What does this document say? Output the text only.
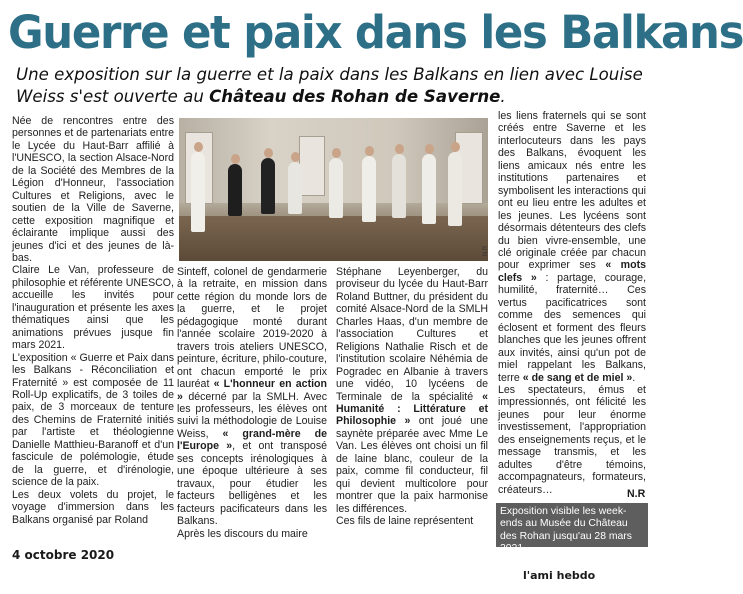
Guerre et paix dans les Balkans
Une exposition sur la guerre et la paix dans les Balkans en lien avec Louise Weiss s'est ouverte au Château des Rohan de Saverne.

Née de rencontres entre des personnes et de partenariats entre le Lycée du Haut-Barr affilié à l'UNESCO, la section Alsace-Nord de la Société des Membres de la Légion d'Honneur, l'association Cultures et Religions, avec le soutien de la Ville de Saverne, cette exposition magnifique et éclairante implique aussi des jeunes d'ici et des jeunes de là-bas.

Claire Le Van, professeure de philosophie et référente UNESCO, accueille les invités pour l'inauguration et présente les axes thématiques ainsi que les animations prévues jusque fin mars 2021.

L'exposition « Guerre et Paix dans les Balkans - Réconciliation et Fraternité » est composée de 11 Roll-Up explicatifs, de 3 toiles de paix, de 3 morceaux de tenture des Chemins de Fraternité initiés par l'artiste et théologienne Danielle Matthieu-Baranoff et d'un fascicule de polémologie, étude de la guerre, et d'irénologie, science de la paix.

Les deux volets du projet, le voyage d'immersion dans les Balkans organisé par Roland

N.R

Sinteff, colonel de gendarmerie à la retraite, en mission dans cette région du monde lors de la guerre, et le projet pédagogique monté durant l'année scolaire 2019-2020 à travers trois ateliers UNESCO, peinture, écriture, philo-couture, ont chacun emporté le prix lauréat « L'honneur en action » décerné par la SMLH. Avec les professeurs, les élèves ont suivi la méthodologie de Louise Weiss, « grand-mère de l'Europe », et ont transposé ses concepts irénologiques à une époque ultérieure à ses travaux, pour étudier les facteurs belligènes et les facteurs pacificateurs dans les Balkans.

Après les discours du maire

Stéphane Leyenberger, du proviseur du lycée du Haut-Barr Roland Buttner, du président du comité Alsace-Nord de la SMLH Charles Haas, d'un membre de l'association Cultures et Religions Nathalie Risch et de l'institution scolaire Néhémia de Pogradec en Albanie à travers une vidéo, 10 lycéens de Terminale de la spécialité « Humanité : Littérature et Philosophie » ont joué une saynète préparée avec Mme Le Van. Les élèves ont choisi un fil de laine blanc, couleur de la paix, comme fil conducteur, fil qui devient multicolore pour montrer que la paix harmonise les différences.

Ces fils de laine représentent

les liens fraternels qui se sont créés entre Saverne et les interlocuteurs dans les pays des Balkans, évoquent les liens amicaux nés entre les institutions partenaires et symbolisent les interactions qui ont eu lieu entre les adultes et les jeunes. Les lycéens sont désormais détenteurs des clefs du bien vivre-ensemble, une clé originale créée par chacun pour exprimer ses « mots clefs » : partage, courage, humilité, fraternité… Ces vertus pacificatrices sont comme des semences qui éclosent et forment des fleurs blanches que les jeunes offrent aux invités, ainsi qu'un pot de miel rappelant les Balkans, terre « de sang et de miel ».

Les spectateurs, émus et impressionnés, ont félicité les jeunes pour leur énorme investissement, l'appropriation des enseignements reçus, et le message transmis, et les adultes d'être témoins, accompagnateurs, formateurs, créateurs…	N.R
Exposition visible les week-ends au Musée du Château des Rohan jusqu'au 28 mars 2021.
4 octobre 2020
l'ami hebdo
